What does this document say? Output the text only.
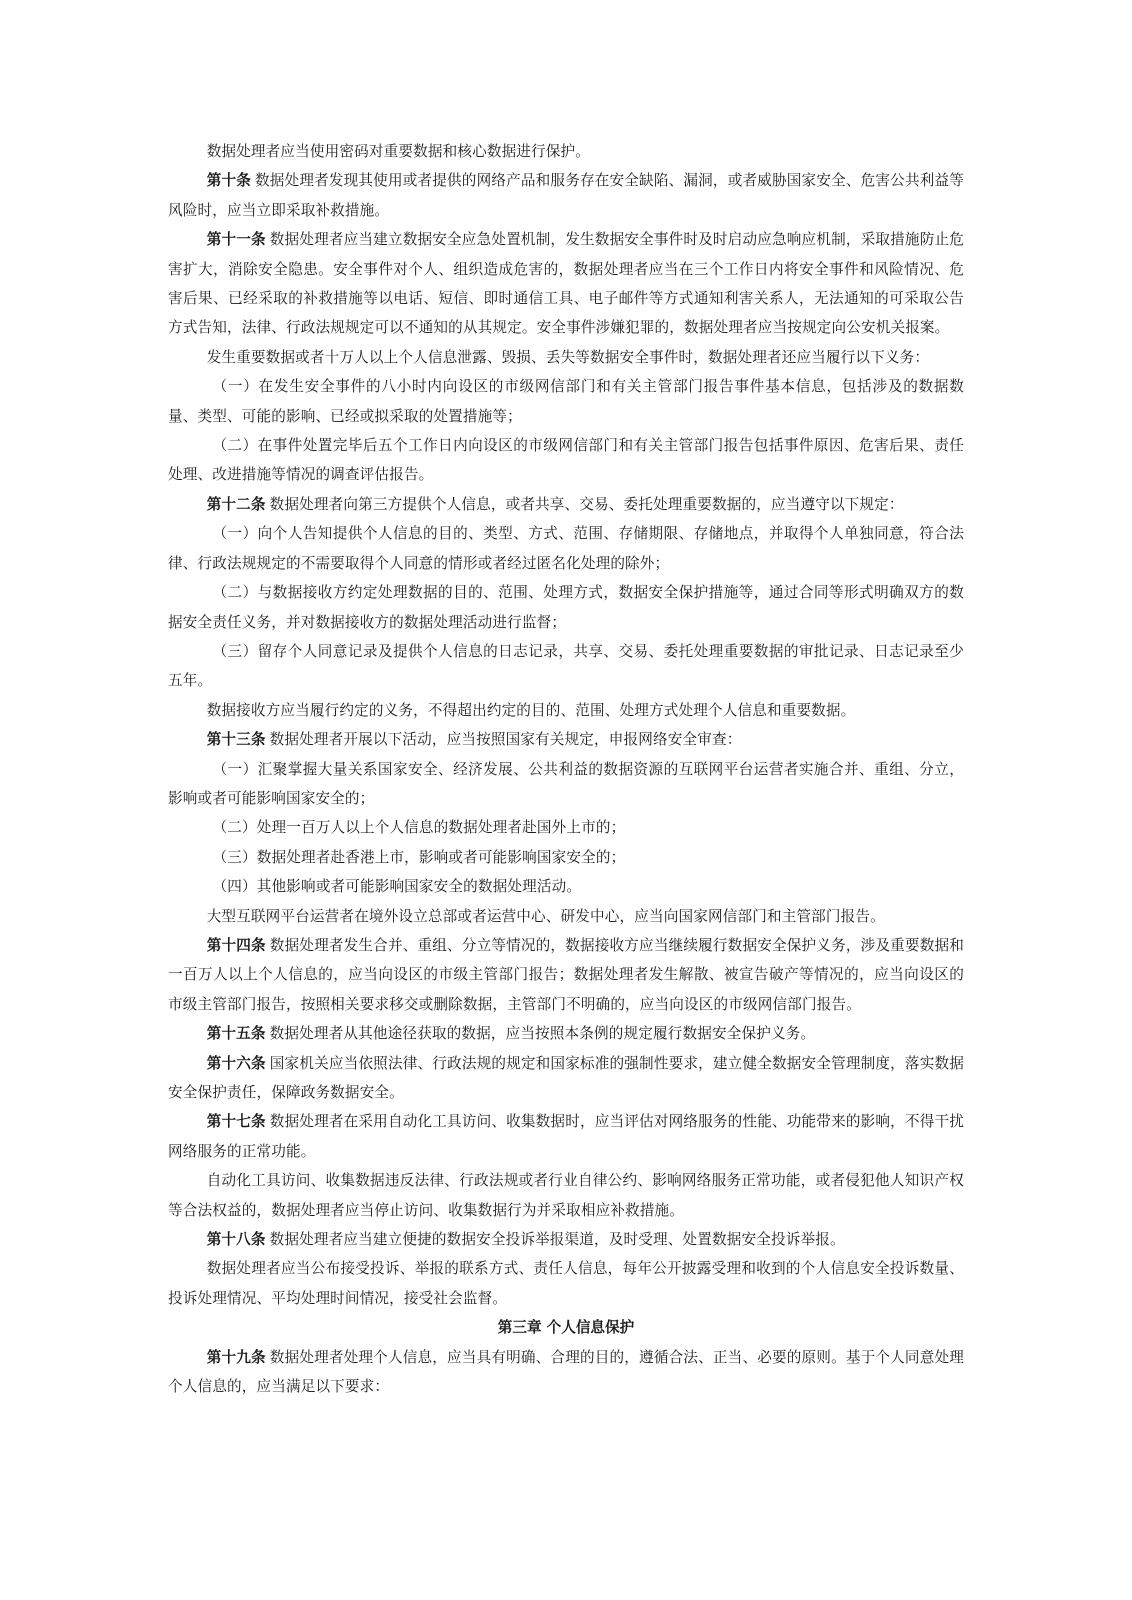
数据处理者应当使用密码对重要数据和核心数据进行保护。

第十条 数据处理者发现其使用或者提供的网络产品和服务存在安全缺陷、漏洞，或者威胁国家安全、危害公共利益等风险时，应当立即采取补救措施。

第十一条 数据处理者应当建立数据安全应急处置机制，发生数据安全事件时及时启动应急响应机制，采取措施防止危害扩大，消除安全隐患。安全事件对个人、组织造成危害的，数据处理者应当在三个工作日内将安全事件和风险情况、危害后果、已经采取的补救措施等以电话、短信、即时通信工具、电子邮件等方式通知利害关系人，无法通知的可采取公告方式告知，法律、行政法规规定可以不通知的从其规定。安全事件涉嫌犯罪的，数据处理者应当按规定向公安机关报案。

发生重要数据或者十万人以上个人信息泄露、毁损、丢失等数据安全事件时，数据处理者还应当履行以下义务：

（一）在发生安全事件的八小时内向设区的市级网信部门和有关主管部门报告事件基本信息，包括涉及的数据数量、类型、可能的影响、已经或拟采取的处置措施等；

（二）在事件处置完毕后五个工作日内向设区的市级网信部门和有关主管部门报告包括事件原因、危害后果、责任处理、改进措施等情况的调查评估报告。

第十二条 数据处理者向第三方提供个人信息，或者共享、交易、委托处理重要数据的，应当遵守以下规定：

（一）向个人告知提供个人信息的目的、类型、方式、范围、存储期限、存储地点，并取得个人单独同意，符合法律、行政法规规定的不需要取得个人同意的情形或者经过匿名化处理的除外；

（二）与数据接收方约定处理数据的目的、范围、处理方式，数据安全保护措施等，通过合同等形式明确双方的数据安全责任义务，并对数据接收方的数据处理活动进行监督；

（三）留存个人同意记录及提供个人信息的日志记录，共享、交易、委托处理重要数据的审批记录、日志记录至少五年。

数据接收方应当履行约定的义务，不得超出约定的目的、范围、处理方式处理个人信息和重要数据。

第十三条 数据处理者开展以下活动，应当按照国家有关规定，申报网络安全审查：

（一）汇聚掌握大量关系国家安全、经济发展、公共利益的数据资源的互联网平台运营者实施合并、重组、分立，影响或者可能影响国家安全的；

（二）处理一百万人以上个人信息的数据处理者赴国外上市的；

（三）数据处理者赴香港上市，影响或者可能影响国家安全的；

（四）其他影响或者可能影响国家安全的数据处理活动。

大型互联网平台运营者在境外设立总部或者运营中心、研发中心，应当向国家网信部门和主管部门报告。

第十四条 数据处理者发生合并、重组、分立等情况的，数据接收方应当继续履行数据安全保护义务，涉及重要数据和一百万人以上个人信息的，应当向设区的市级主管部门报告；数据处理者发生解散、被宣告破产等情况的，应当向设区的市级主管部门报告，按照相关要求移交或删除数据，主管部门不明确的，应当向设区的市级网信部门报告。

第十五条 数据处理者从其他途径获取的数据，应当按照本条例的规定履行数据安全保护义务。

第十六条 国家机关应当依照法律、行政法规的规定和国家标准的强制性要求，建立健全数据安全管理制度，落实数据安全保护责任，保障政务数据安全。

第十七条 数据处理者在采用自动化工具访问、收集数据时，应当评估对网络服务的性能、功能带来的影响，不得干扰网络服务的正常功能。

自动化工具访问、收集数据违反法律、行政法规或者行业自律公约、影响网络服务正常功能，或者侵犯他人知识产权等合法权益的，数据处理者应当停止访问、收集数据行为并采取相应补救措施。

第十八条 数据处理者应当建立便捷的数据安全投诉举报渠道，及时受理、处置数据安全投诉举报。

数据处理者应当公布接受投诉、举报的联系方式、责任人信息，每年公开披露受理和收到的个人信息安全投诉数量、投诉处理情况、平均处理时间情况，接受社会监督。

第三章 个人信息保护

第十九条 数据处理者处理个人信息，应当具有明确、合理的目的，遵循合法、正当、必要的原则。基于个人同意处理个人信息的，应当满足以下要求：
